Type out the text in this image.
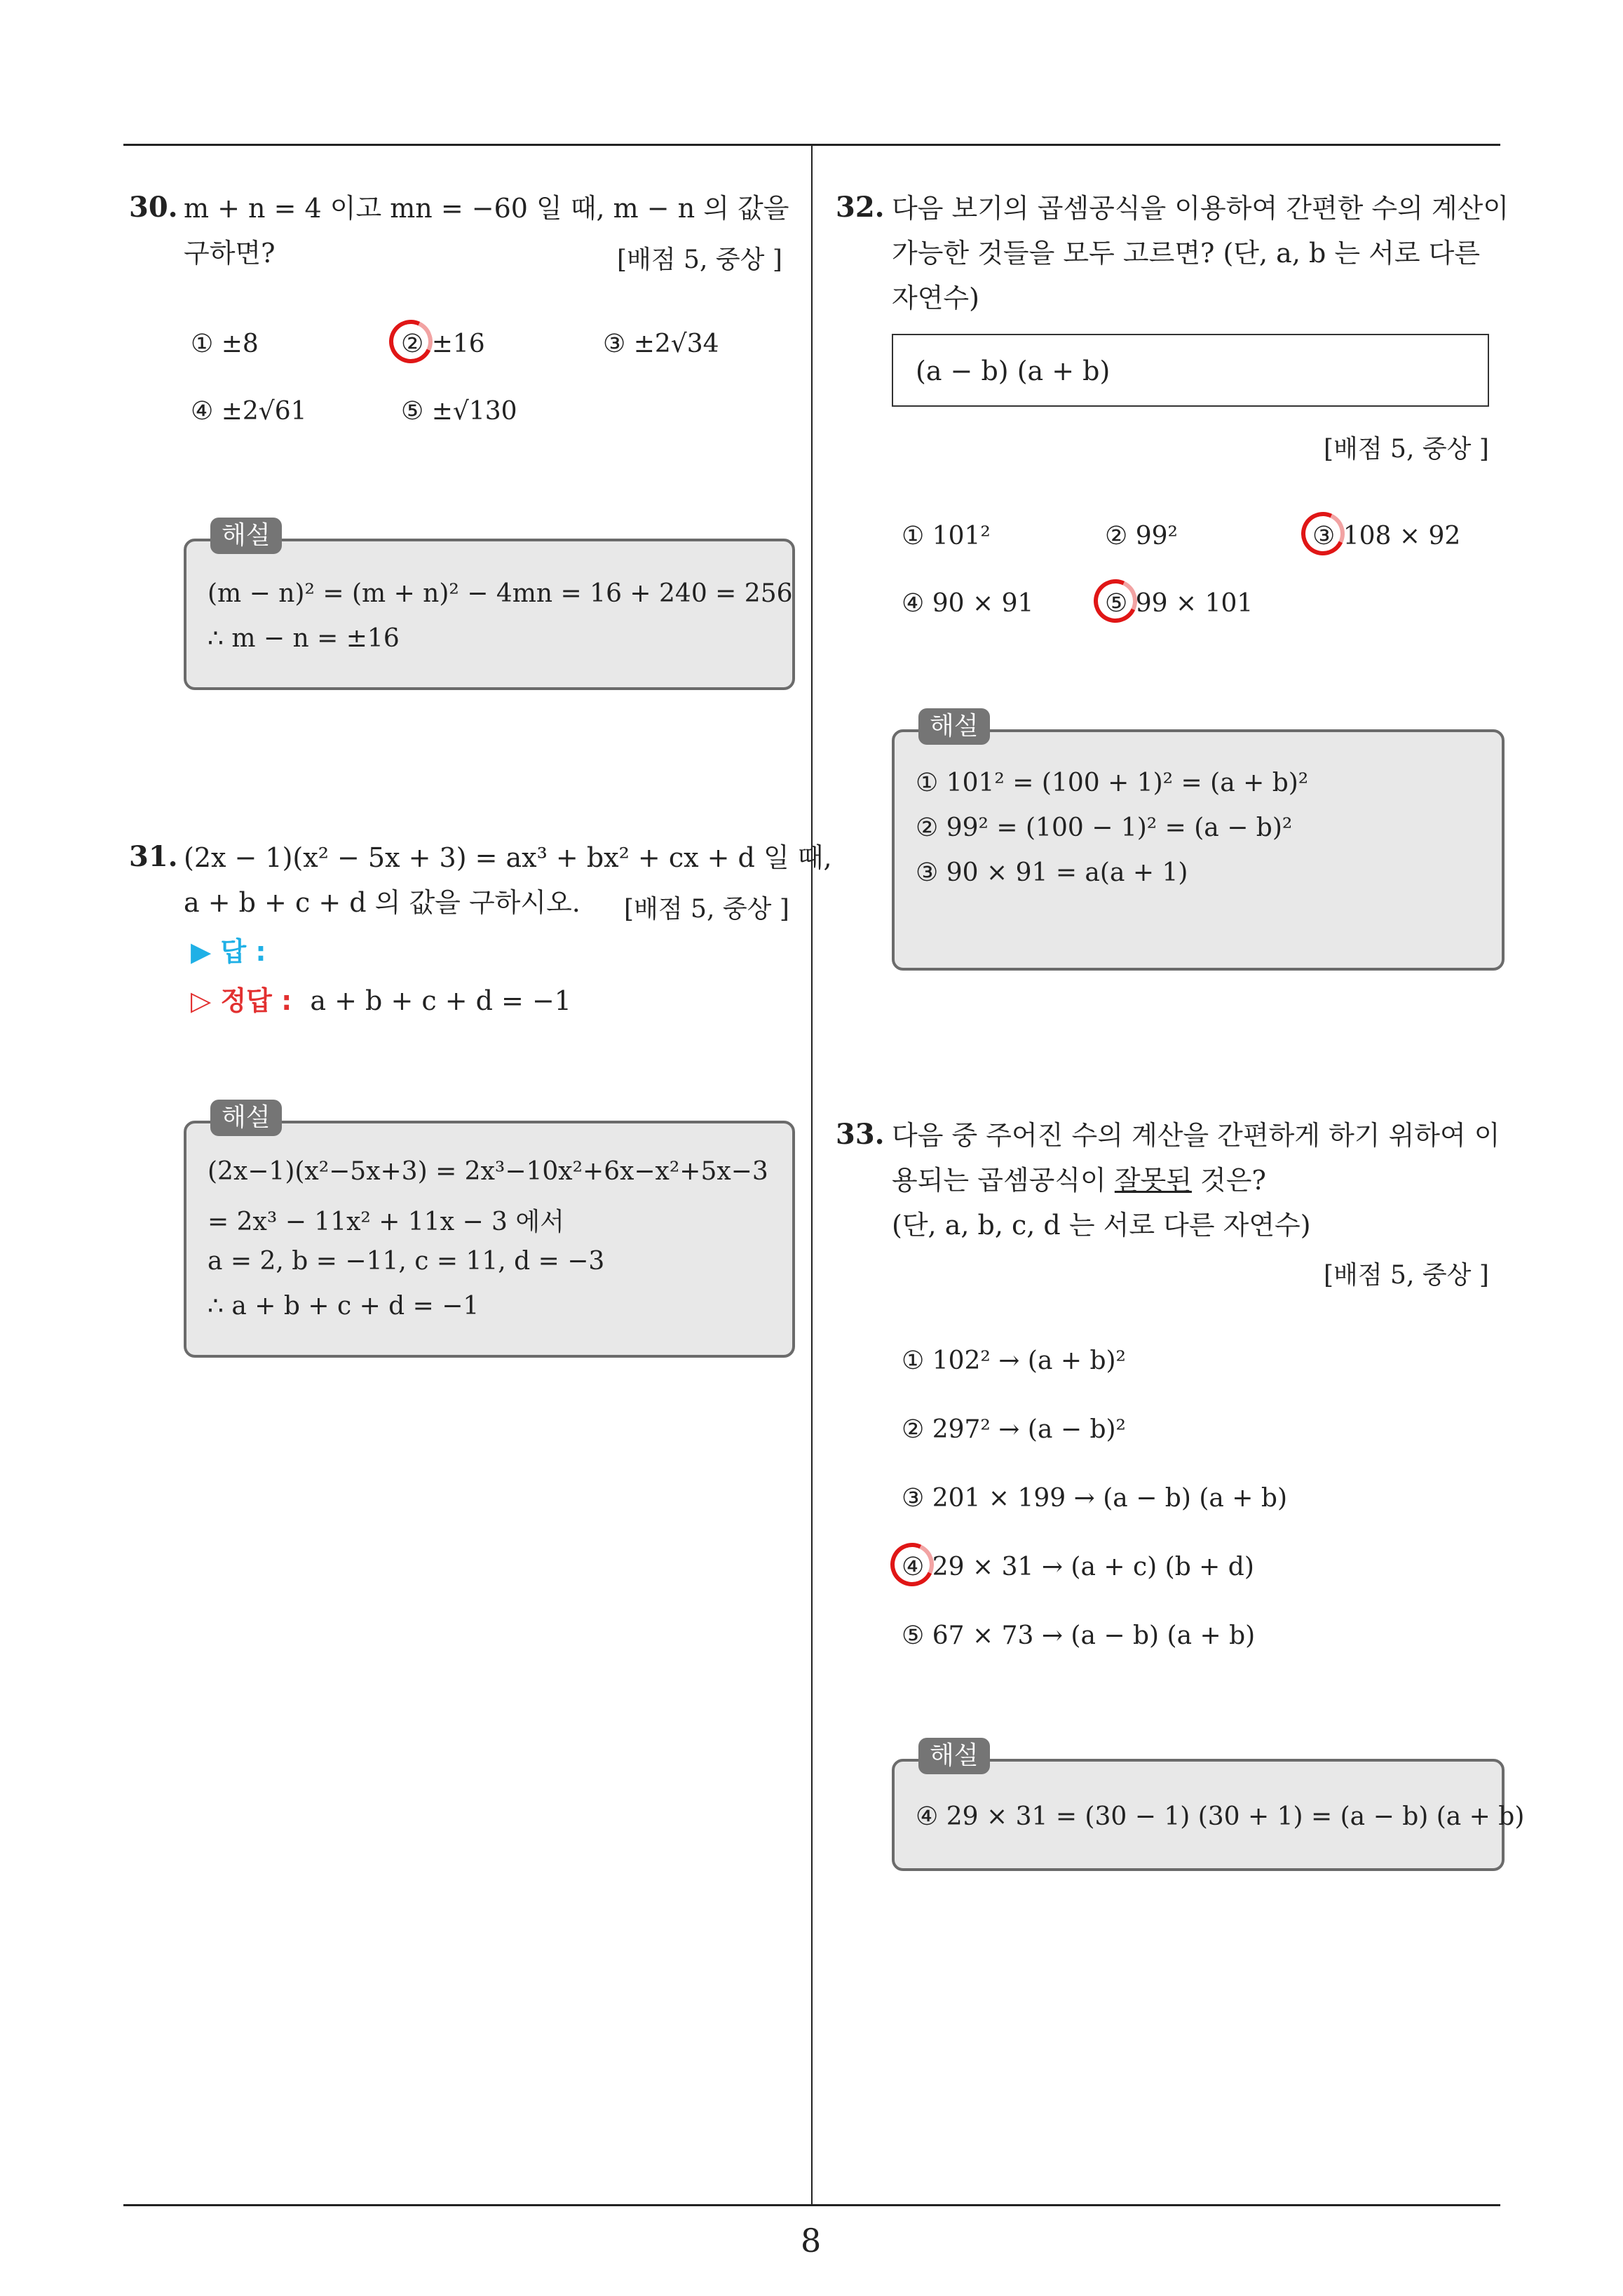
8
30. m + n = 4 이고 mn = −60 일 때, m − n 의 값을
구하면?	[배점 5, 중상 ]
① ±8	② ±16	③ ±2√34
④ ±2√61	⑤ ±√130
해설
(m − n)² = (m + n)² − 4mn = 16 + 240 = 256
∴ m − n = ±16
31. (2x − 1)(x² − 5x + 3) = ax³ + bx² + cx + d 일 때,
a + b + c + d 의 값을 구하시오. [배점 5, 중상 ]
▶ 답 :
▷ 정답 : a + b + c + d = −1
해설
(2x−1)(x²−5x+3) = 2x³−10x²+6x−x²+5x−3
= 2x³ − 11x² + 11x − 3 에서
a = 2, b = −11, c = 11, d = −3
∴ a + b + c + d = −1
32. 다음 보기의 곱셈공식을 이용하여 간편한 수의 계산이
가능한 것들을 모두 고르면? (단, a, b 는 서로 다른
자연수)
(a − b) (a + b)
[배점 5, 중상 ]
① 101²	② 99²	③ 108 × 92
④ 90 × 91	⑤ 99 × 101
해설
① 101² = (100 + 1)² = (a + b)²
② 99² = (100 − 1)² = (a − b)²
③ 90 × 91 = a(a + 1)
33. 다음 중 주어진 수의 계산을 간편하게 하기 위하여 이
용되는 곱셈공식이 잘못된 것은?
(단, a, b, c, d 는 서로 다른 자연수)
[배점 5, 중상 ]
① 102² → (a + b)²
② 297² → (a − b)²
③ 201 × 199 → (a − b) (a + b)
④ 29 × 31 → (a + c) (b + d)
⑤ 67 × 73 → (a − b) (a + b)
해설
④ 29 × 31 = (30 − 1) (30 + 1) = (a − b) (a + b)
